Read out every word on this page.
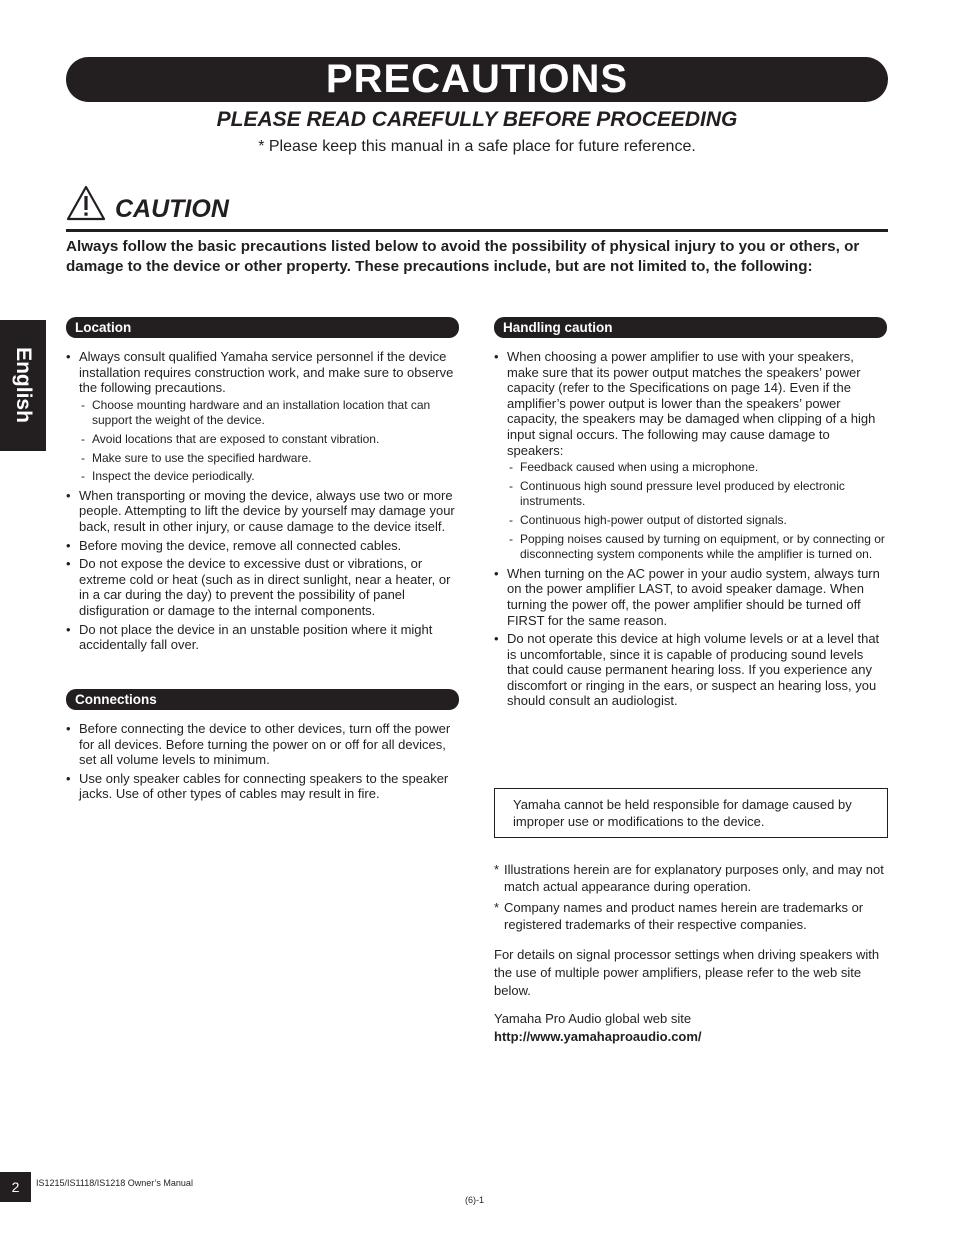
PRECAUTIONS
PLEASE READ CAREFULLY BEFORE PROCEEDING
* Please keep this manual in a safe place for future reference.
CAUTION
Always follow the basic precautions listed below to avoid the possibility of physical injury to you or others, or damage to the device or other property. These precautions include, but are not limited to, the following:
English
Location
• Always consult qualified Yamaha service personnel if the device installation requires construction work, and make sure to observe the following precautions.
- Choose mounting hardware and an installation location that can support the weight of the device.
- Avoid locations that are exposed to constant vibration.
- Make sure to use the specified hardware.
- Inspect the device periodically.
• When transporting or moving the device, always use two or more people. Attempting to lift the device by yourself may damage your back, result in other injury, or cause damage to the device itself.
• Before moving the device, remove all connected cables.
• Do not expose the device to excessive dust or vibrations, or extreme cold or heat (such as in direct sunlight, near a heater, or in a car during the day) to prevent the possibility of panel disfiguration or damage to the internal components.
• Do not place the device in an unstable position where it might accidentally fall over.
Connections
• Before connecting the device to other devices, turn off the power for all devices. Before turning the power on or off for all devices, set all volume levels to minimum.
• Use only speaker cables for connecting speakers to the speaker jacks. Use of other types of cables may result in fire.
Handling caution
• When choosing a power amplifier to use with your speakers, make sure that its power output matches the speakers’ power capacity (refer to the Specifications on page 14). Even if the amplifier’s power output is lower than the speakers’ power capacity, the speakers may be damaged when clipping of a high input signal occurs. The following may cause damage to speakers:
- Feedback caused when using a microphone.
- Continuous high sound pressure level produced by electronic instruments.
- Continuous high-power output of distorted signals.
- Popping noises caused by turning on equipment, or by connecting or disconnecting system components while the amplifier is turned on.
• When turning on the AC power in your audio system, always turn on the power amplifier LAST, to avoid speaker damage. When turning the power off, the power amplifier should be turned off FIRST for the same reason.
• Do not operate this device at high volume levels or at a level that is uncomfortable, since it is capable of producing sound levels that could cause permanent hearing loss. If you experience any discomfort or ringing in the ears, or suspect an hearing loss, you should consult an audiologist.
Yamaha cannot be held responsible for damage caused by improper use or modifications to the device.
* Illustrations herein are for explanatory purposes only, and may not match actual appearance during operation.
* Company names and product names herein are trademarks or registered trademarks of their respective companies.
For details on signal processor settings when driving speakers with the use of multiple power amplifiers, please refer to the web site below.
Yamaha Pro Audio global web site
http://www.yamahaproaudio.com/
2	IS1215/IS1118/IS1218 Owner’s Manual
(6)-1
